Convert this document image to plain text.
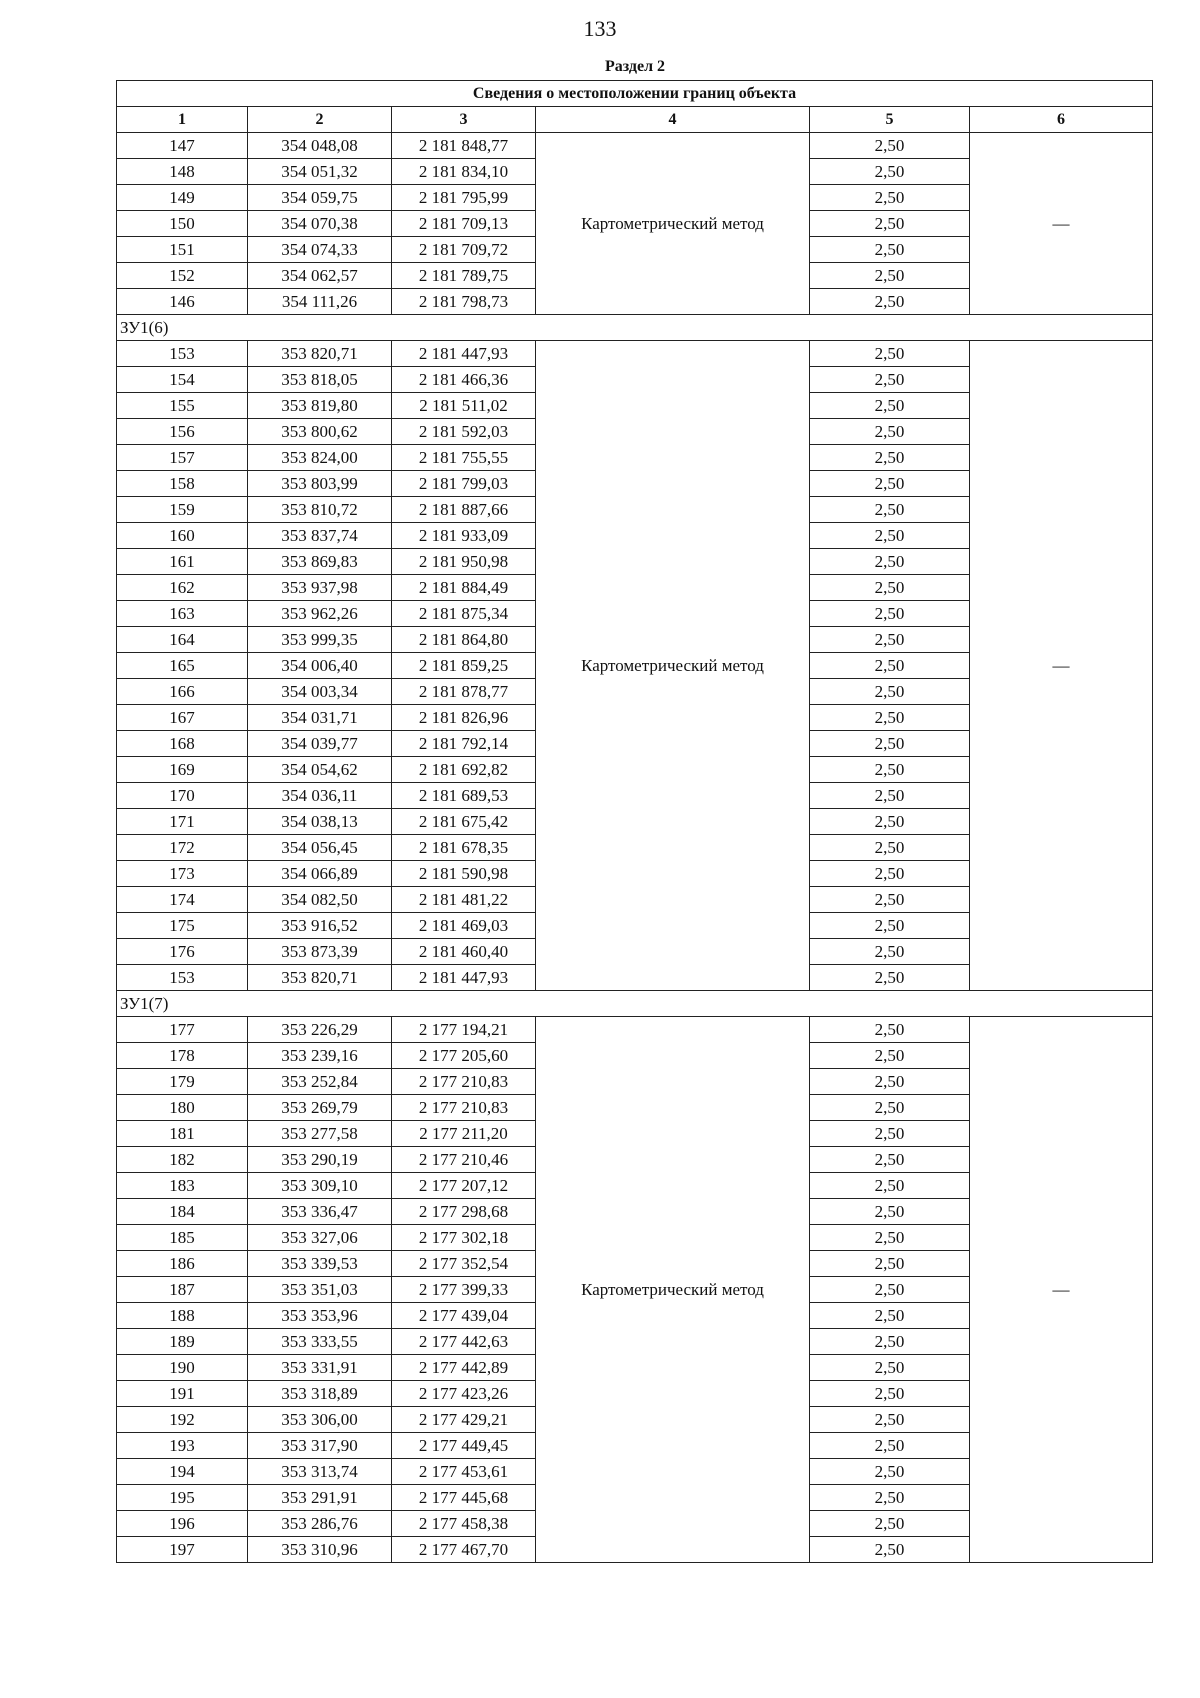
133
Раздел 2
Сведения о местоположении границ объекта					
1	2	3	4	5	6
147	354 048,08	2 181 848,77	Картометрический метод	2,50	—
148	354 051,32	2 181 834,10		2,50	
149	354 059,75	2 181 795,99		2,50	
150	354 070,38	2 181 709,13		2,50	
151	354 074,33	2 181 709,72		2,50	
152	354 062,57	2 181 789,75		2,50	
146	354 111,26	2 181 798,73		2,50	
ЗУ1(6)					
153	353 820,71	2 181 447,93	Картометрический метод	2,50	—
154	353 818,05	2 181 466,36		2,50	
155	353 819,80	2 181 511,02		2,50	
156	353 800,62	2 181 592,03		2,50	
157	353 824,00	2 181 755,55		2,50	
158	353 803,99	2 181 799,03		2,50	
159	353 810,72	2 181 887,66		2,50	
160	353 837,74	2 181 933,09		2,50	
161	353 869,83	2 181 950,98		2,50	
162	353 937,98	2 181 884,49		2,50	
163	353 962,26	2 181 875,34		2,50	
164	353 999,35	2 181 864,80		2,50	
165	354 006,40	2 181 859,25		2,50	
166	354 003,34	2 181 878,77		2,50	
167	354 031,71	2 181 826,96		2,50	
168	354 039,77	2 181 792,14		2,50	
169	354 054,62	2 181 692,82		2,50	
170	354 036,11	2 181 689,53		2,50	
171	354 038,13	2 181 675,42		2,50	
172	354 056,45	2 181 678,35		2,50	
173	354 066,89	2 181 590,98		2,50	
174	354 082,50	2 181 481,22		2,50	
175	353 916,52	2 181 469,03		2,50	
176	353 873,39	2 181 460,40		2,50	
153	353 820,71	2 181 447,93		2,50	
ЗУ1(7)					
177	353 226,29	2 177 194,21	Картометрический метод	2,50	—
178	353 239,16	2 177 205,60		2,50	
179	353 252,84	2 177 210,83		2,50	
180	353 269,79	2 177 210,83		2,50	
181	353 277,58	2 177 211,20		2,50	
182	353 290,19	2 177 210,46		2,50	
183	353 309,10	2 177 207,12		2,50	
184	353 336,47	2 177 298,68		2,50	
185	353 327,06	2 177 302,18		2,50	
186	353 339,53	2 177 352,54		2,50	
187	353 351,03	2 177 399,33		2,50	
188	353 353,96	2 177 439,04		2,50	
189	353 333,55	2 177 442,63		2,50	
190	353 331,91	2 177 442,89		2,50	
191	353 318,89	2 177 423,26		2,50	
192	353 306,00	2 177 429,21		2,50	
193	353 317,90	2 177 449,45		2,50	
194	353 313,74	2 177 453,61		2,50	
195	353 291,91	2 177 445,68		2,50	
196	353 286,76	2 177 458,38		2,50	
197	353 310,96	2 177 467,70		2,50	
